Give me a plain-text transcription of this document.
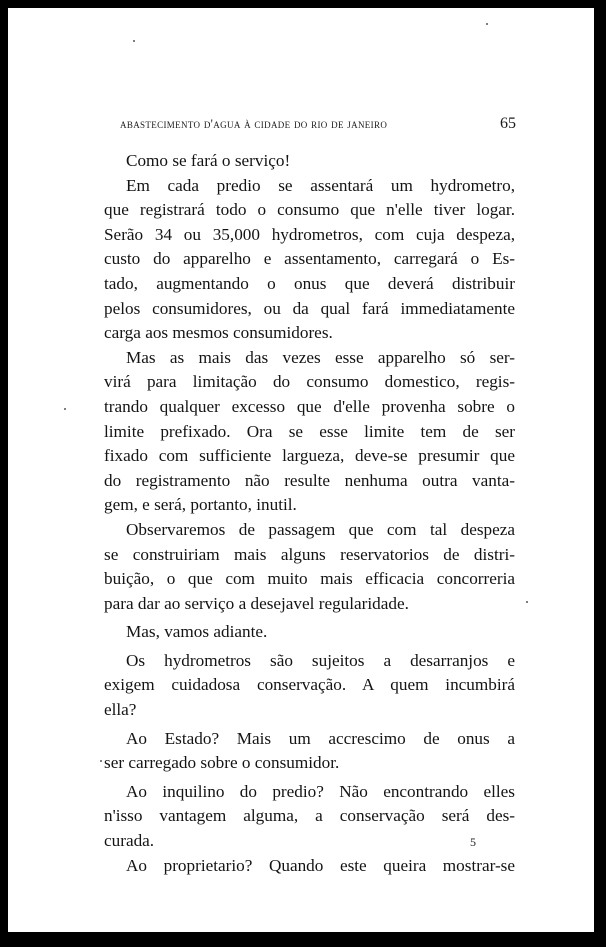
abastecimento d'agua à cidade do rio de janeiro	65
Como se fará o serviço!
Em cada predio se assentará um hydrometro,
que registrará todo o consumo que n'elle tiver logar.
Serão 34 ou 35,000 hydrometros, com cuja despeza,
custo do apparelho e assentamento, carregará o Es-
tado, augmentando o onus que deverá distribuir
pelos consumidores, ou da qual fará immediatamente
carga aos mesmos consumidores.
Mas as mais das vezes esse apparelho só ser-
virá para limitação do consumo domestico, regis-
trando qualquer excesso que d'elle provenha sobre o
limite prefixado. Ora se esse limite tem de ser
fixado com sufficiente largueza, deve-se presumir que
do registramento não resulte nenhuma outra vanta-
gem, e será, portanto, inutil.
Observaremos de passagem que com tal despeza
se construiriam mais alguns reservatorios de distri-
buição, o que com muito mais efficacia concorreria
para dar ao serviço a desejavel regularidade.
Mas, vamos adiante.
Os hydrometros são sujeitos a desarranjos e
exigem cuidadosa conservação. A quem incumbirá
ella?
Ao Estado? Mais um accrescimo de onus a
ser carregado sobre o consumidor.
Ao inquilino do predio? Não encontrando elles
n'isso vantagem alguma, a conservação será des-
curada.
Ao proprietario? Quando este queira mostrar-se
5
